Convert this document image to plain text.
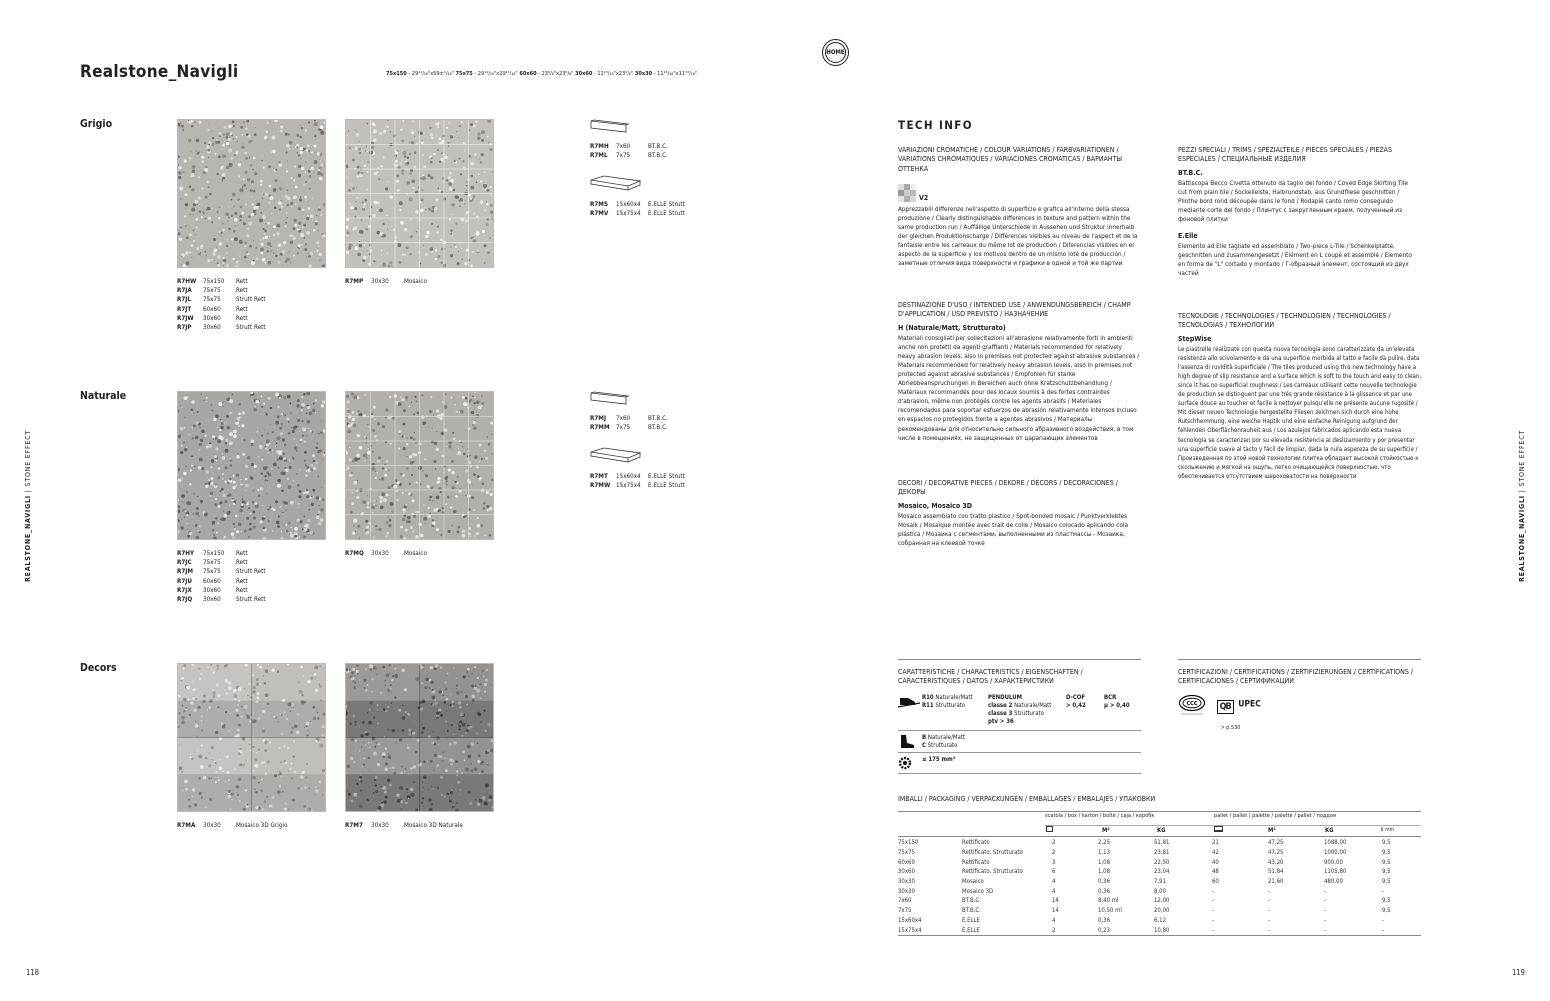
Realstone_Navigli	75x150 - 29¹¹/₁₆"x59±¹/₁₆" 75x75 - 29¹¹/₁₆"x29¹¹/₁₆" 60x60 - 23⁶/₈"x23⁶/₈" 30x60 - 11¹³/₁₆"x23⁶/₈" 30x30 - 11¹³/₁₆"x11¹³/₁₆"
HOME
REALSTONE_NAVIGLI | STONE EFFECT
REALSTONE_NAVIGLI | STONE EFFECT
118	119
Grigio
Naturale
Decors
R7HW	75x150	Rett
R7JA	75x75	Rett
R7JL	75x75	Strutt Rett
R7JT	60x60	Rett
R7JW	30x60	Rett
R7JP	30x60	Strutt Rett
R7MP	30x30	Mosaico
R7HY	75x150	Rett
R7JC	75x75	Rett
R7JM	75x75	Strutt Rett
R7JU	60x60	Rett
R7JX	30x60	Rett
R7JQ	30x60	Strutt Rett
R7MQ	30x30	Mosaico
R7MA	30x30	Mosaico 3D Grigio	R7M7	30x30	Mosaico 3D Naturale
R7MH	7x60	BT.B.C.
R7ML	7x75	BT.B.C.
R7MS	15x60x4	E.ELLE Strutt
R7MV	15x75x4	E.ELLE Strutt
R7MJ	7x60	BT.B.C.
R7MM	7x75	BT.B.C.
R7MT	15x60x4	E.ELLE Strutt
R7MW 15x75x4	E.ELLE Strutt
TECH INFO
VARIAZIONI CROMATICHE / COLOUR VARIATIONS / FARBVARIATIONEN / VARIATIONS CHROMATIQUES / VARIACIONES CROMÁTICAS / ВАРИАНТЫ ОТТЕНКА
V2
Apprezzabili differenze nell'aspetto di superficie e grafica all'interno della stessa produzione / Clearly distinguishable differences in texture and pattern within the same production run / Auffällige Unterschiede in Aussehen und Struktur innerhalb der gleichen Produktionscharge / Différences visibles au niveau de l'aspect et de la fantaisie entre les carreaux du même lot de production / Diferencias visibles en el aspecto de la superficie y los motivos dentro de un mismo lote de producción / заметные отличия вида поверхности и графики в одной и той же партии
DESTINAZIONE D'USO / INTENDED USE / ANWENDUNGSBEREICH / CHAMP D'APPLICATION / USO PREVISTO / НАЗНАЧЕНИЕ
H (Naturale/Matt, Strutturato)
Materiali consigliati per sollecitazioni all'abrasione relativamente forti in ambienti anche non protetti da agenti graffianti / Materials recommended for relatively heavy abrasion levels, also in premises not protected against abrasive substances / Materials recommended for relatively heavy abrasion levels, also in premises not protected against abrasive substances / Empfohlen für starke Abriebbeanspruchungen in Bereichen auch ohne Kratzschutzbehandlung / Matériaux recommandés pour des locaux soumis à des fortes contraintes d'abrasion, même non protégés contre les agents abrasifs / Materiales recomendados para soportar esfuerzos de abrasión relativamente intensos incluso en espacios no protegidos frente a agentes abrasivos / Материалы рекомендованы для относительно сильного абразивного воздействия, в том числе в помещениях, не защищенных от царапающих элементов
DECORI / DECORATIVE PIECES / DEKORE / DÉCORS / DECORACIONES / ДЕКОРЫ
Mosaico, Mosaico 3D
Mosaico assemblato con tratto plastico / Spot-bonded mosaic / Punktverklebtes Mosaik / Mosaïque montée avec trait de colle / Mosaico colocado aplicando cola plástica / Мозаика с сегментами, выполненными из пластмассы - Мозаика, собранная на клеевой точке
PEZZI SPECIALI / TRIMS / SPEZIALTEILE / PIÈCES SPÉCIALES / PIEZAS ESPECIALES / СПЕЦИАЛЬНЫЕ ИЗДЕЛИЯ
BT.B.C.
Battiscopa Becco Civetta ottenuto da taglio del fondo / Coved Edge Skirting Tile cut from plain tile / Sockelleiste, Halbrundstab, aus Grundfliese geschnitten / Plinthe bord rond découpée dans le fond / Rodapié canto romo conseguido mediante corte del fondo / Плинтус с закругленным краем, полученный из фоновой плитки
E.Elle
Elemento ad Elle tagliate ed assemblato / Two-piece L-Tile / Schenkelplatte, geschnitten und zusammengesetzt / Élément en L coupé et assemblé / Elemento en forma de "L" cortado y montado / Г-образный элемент, состоящий из двух частей
TECNOLOGIE / TECHNOLOGIES / TECHNOLOGIEN / TECHNOLOGIES / TECNOLOGÍAS / ТЕХНОЛОГИИ
StepWise
Le piastrelle realizzate con questa nuova tecnologia sono caratterizzate da un'elevata resistenza allo scivolamento e da una superficie morbida al tatto e facile da pulire, data l'assenza di ruvidità superficiale / The tiles produced using this new technology have a high degree of slip resistance and a surface which is soft to the touch and easy to clean, since it has no superficial roughness / Les carreaux utilisant cette nouvelle technologie de production se distinguent par une très grande résistance à la glissance et par une surface douce au toucher et facile à nettoyer puisqu'elle ne présente aucune rugosité / Mit dieser neuen Technologie hergestellte Fliesen zeichnen sich durch eine hohe Rutschhemmung, eine weiche Haptik und eine einfache Reinigung aufgrund der fehlenden Oberflächenrauheit aus / Los azulejos fabricados aplicando esta nueva tecnología se caracterizan por su elevada resistencia al deslizamiento y por presentar una superficie suave al tacto y fácil de limpiar, dada la nula aspereza de su superficie / Произведенная по этой новой технологии плитка обладает высокой стойкостью к скольжению и мягкой на ощупь, легко очищающейся поверхностью, что обеспечивается отсутствием шероховатости на поверхности
CARATTERISTICHE / CHARACTERISTICS / EIGENSCHAFTEN / CARACTÉRISTIQUES / DATOS / ХАРАКТЕРИСТИКИ
CERTIFICAZIONI / CERTIFICATIONS / ZERTIFIZIERUNGEN / CERTIFICATIONS / CERTIFICACIONES / СЕРТИФИКАЦИИ
R10 Naturale/Matt
R11 Strutturato
PENDULUM
classe 2 Naturale/Matt
classe 3 Strutturato
ptv > 36
D-COF
> 0,42
BCR
μ > 0,40
B Naturale/Matt
C Strutturato
≤ 175 mm³
CCC QB UPEC
> p.530
IMBALLI / PACKAGING / VERPACKUNGEN / EMBALLAGES / EMBALAJES / УПАКОВКИ
scatola / box / karton / boîte / caja / коробк	pallet / pallet / palette / palette / pallet / поддон
M²	KG	M²	KG	⇕ mm
75x150	Rettificato	2	2,25	51,81	21	47,25	1088,00	9,5
75x75	Rettificato, Strutturato	2	1,13	23,81	42	47,25	1000,00	9,5
60x60	Rettificato	3	1,08	22,50	40	43,20	900,00	9,5
30x60	Rettificato, Strutturato	6	1,08	23,04	48	51,84	1105,80	9,5
30x30	Mosaico	4	0,36	7,91	60	21,60	480,00	9,5
30x30	Mosaico 3D	4	0,36	8,00	-	-	-	-
7x60	BT.B.C.	14	8,40 ml	12,00	-	-	-	9,5
7x75	BT.B.C.	14	10,50 ml	20,00	-	-	-	9,5
15x60x4	E.ELLE	4	0,36	6,12	-	-	-	-
15x75x4	E.ELLE	2	0,23	10,80	-	-	-	-
